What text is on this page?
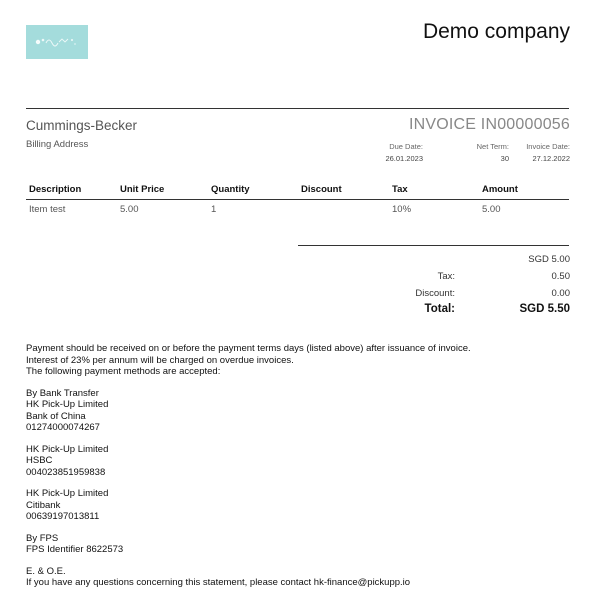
Demo company
Cummings-Becker
Billing Address
INVOICE IN00000056
Due Date:
26.01.2023
Net Term:
30
Invoice Date:
27.12.2022
Description	Unit Price	Quantity	Discount	Tax	Amount
Item test	5.00	1		10%	5.00
SGD 5.00
Tax:	0.50
Discount:	0.00
Total:	SGD 5.50
Payment should be received on or before the payment terms days (listed above) after issuance of invoice.
Interest of 23% per annum will be charged on overdue invoices.
The following payment methods are accepted:
By Bank Transfer
HK Pick-Up Limited
Bank of China
01274000074267
HK Pick-Up Limited
HSBC
004023851959838
HK Pick-Up Limited
Citibank
00639197013811
By FPS
FPS Identifier 8622573
E. & O.E.
If you have any questions concerning this statement, please contact hk-finance@pickupp.io
